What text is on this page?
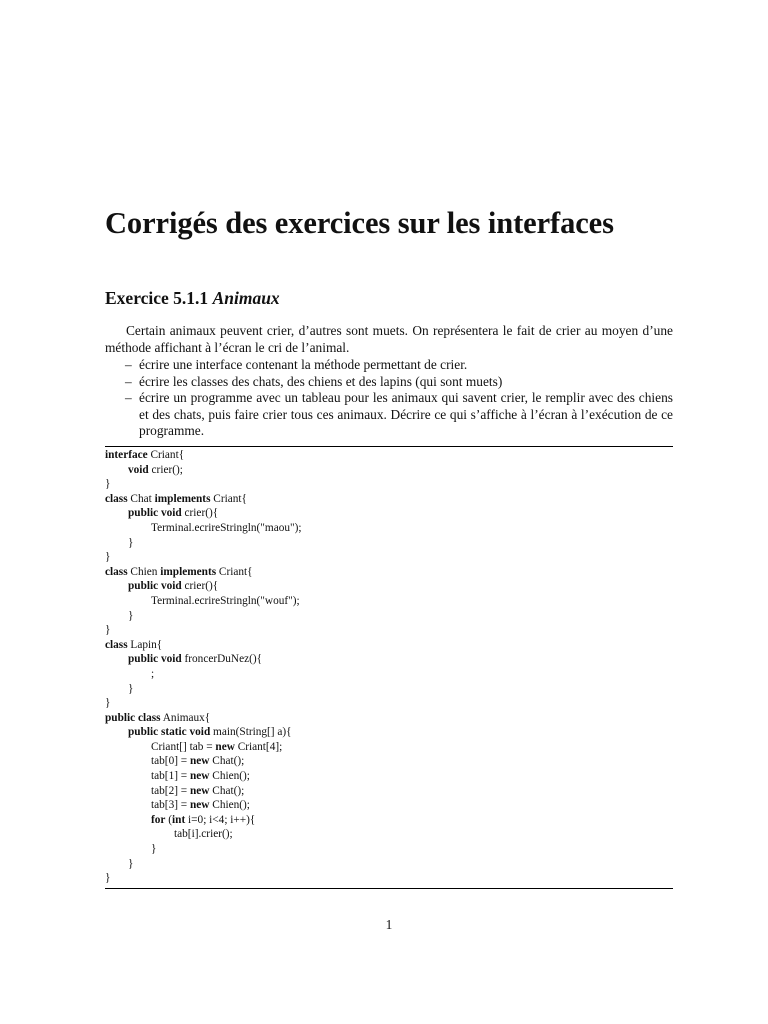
Corrigés des exercices sur les interfaces
Exercice 5.1.1 Animaux

Certain animaux peuvent crier, d’autres sont muets. On représentera le fait de crier au moyen d’une méthode affichant à l’écran le cri de l’animal.

– écrire une interface contenant la méthode permettant de crier.
– écrire les classes des chats, des chiens et des lapins (qui sont muets)
– écrire un programme avec un tableau pour les animaux qui savent crier, le remplir avec des chiens et des chats, puis faire crier tous ces animaux. Décrire ce qui s’affiche à l’écran à l’exécution de ce programme.
interface Criant{
void crier();
}
class Chat implements Criant{
public void crier(){
Terminal.ecrireStringln("maou");
}
}
class Chien implements Criant{
public void crier(){
Terminal.ecrireStringln("wouf");
}
}
class Lapin{
public void froncerDuNez(){
;
}
}
public class Animaux{
public static void main(String[] a){
Criant[] tab = new Criant[4];
tab[0] = new Chat();
tab[1] = new Chien();
tab[2] = new Chat();
tab[3] = new Chien();
for (int i=0; i<4; i++){
tab[i].crier();
}
}
}
1
